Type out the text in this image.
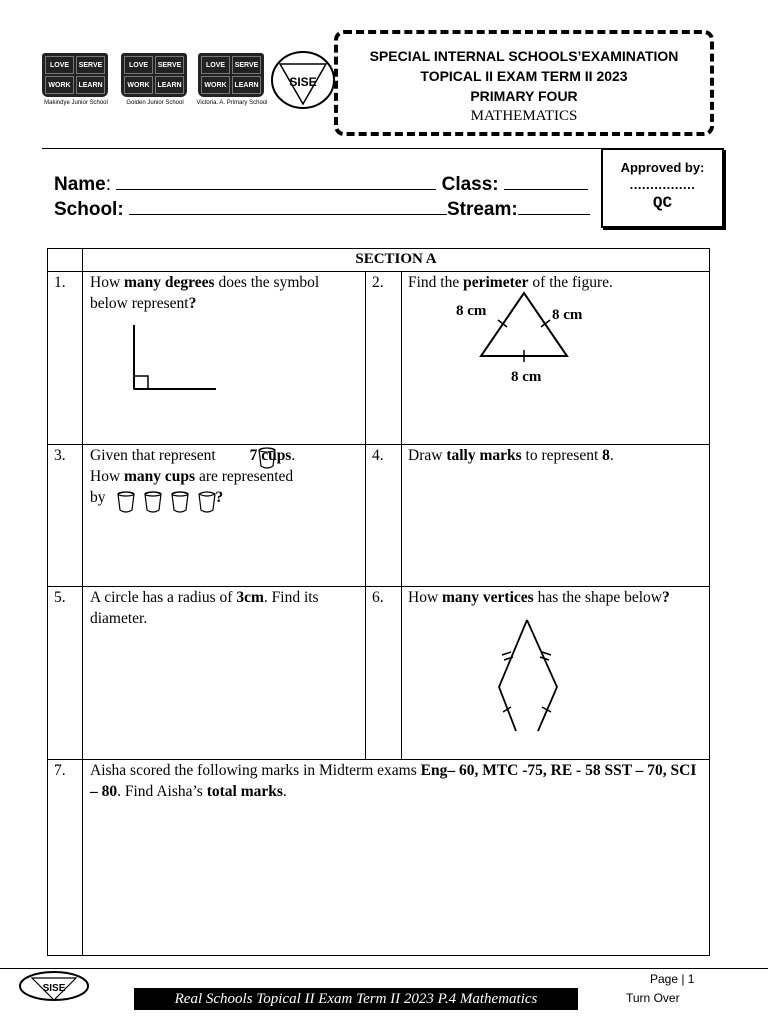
LOVE	SERVE
WORK	LEARN
Makindye Junior School
LOVE	SERVE
WORK	LEARN
Golden Junior School
LOVE	SERVE
WORK	LEARN
Victoria. A. Primary School
SISE
SPECIAL INTERNAL SCHOOLS’EXAMINATION
TOPICAL II EXAM TERM II 2023
PRIMARY FOUR
MATHEMATICS
Name:	Class:
School:	Stream:
Approved by:
................
QC
SECTION A
1. How many degrees does the symbol below represent?
2. Find the perimeter of the figure.
8 cm	8 cm
8 cm
3. Given that represent 7 cups.
How many cups are represented
by	?
4. Draw tally marks to represent 8.
5. A circle has a radius of 3cm. Find its diameter.
6. How many vertices has the shape below?
7. Aisha scored the following marks in Midterm exams Eng– 60, MTC -75, RE - 58 SST – 70, SCI – 80. Find Aisha’s total marks.
SISE
Real Schools Topical II Exam Term II 2023 P.4 Mathematics
Page | 1
Turn Over
